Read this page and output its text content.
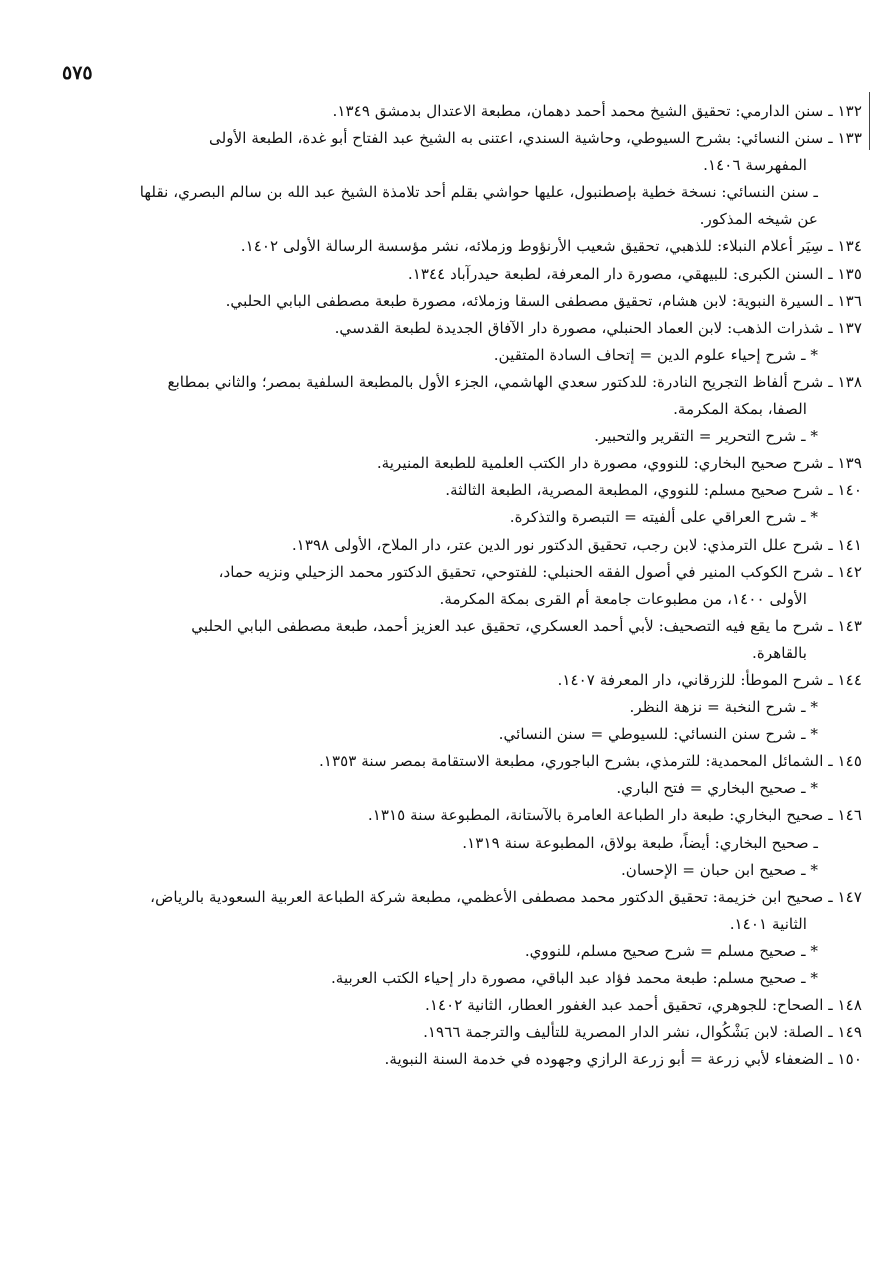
٥٧٥
١٣٢ ـ سنن الدارمي: تحقيق الشيخ محمد أحمد دهمان، مطبعة الاعتدال بدمشق ١٣٤٩.
١٣٣ ـ سنن النسائي: بشرح السيوطي، وحاشية السندي، اعتنى به الشيخ عبد الفتاح أبو غدة، الطبعة الأولى
المفهرسة ١٤٠٦.
ـ سنن النسائي: نسخة خطية بإصطنبول، عليها حواشي بقلم أحد تلامذة الشيخ عبد الله بن سالم البصري، نقلها
عن شيخه المذكور.
١٣٤ ـ سِيَر أعلام النبلاء: للذهبي، تحقيق شعيب الأرنؤوط وزملائه، نشر مؤسسة الرسالة الأولى ١٤٠٢.
١٣٥ ـ السنن الكبرى: للبيهقي، مصورة دار المعرفة، لطبعة حيدرآباد ١٣٤٤.
١٣٦ ـ السيرة النبوية: لابن هشام، تحقيق مصطفى السقا وزملائه، مصورة طبعة مصطفى البابي الحلبي.
١٣٧ ـ شذرات الذهب: لابن العماد الحنبلي، مصورة دار الآفاق الجديدة لطبعة القدسي.
* ـ شرح إحياء علوم الدين = إتحاف السادة المتقين.
١٣٨ ـ شرح ألفاظ التجريح النادرة: للدكتور سعدي الهاشمي، الجزء الأول بالمطبعة السلفية بمصر؛ والثاني بمطابع
الصفا، بمكة المكرمة.
* ـ شرح التحرير = التقرير والتحبير.
١٣٩ ـ شرح صحيح البخاري: للنووي، مصورة دار الكتب العلمية للطبعة المنيرية.
١٤٠ ـ شرح صحيح مسلم: للنووي، المطبعة المصرية، الطبعة الثالثة.
* ـ شرح العراقي على ألفيته = التبصرة والتذكرة.
١٤١ ـ شرح علل الترمذي: لابن رجب، تحقيق الدكتور نور الدين عتر، دار الملاح، الأولى ١٣٩٨.
١٤٢ ـ شرح الكوكب المنير في أصول الفقه الحنبلي: للفتوحي، تحقيق الدكتور محمد الزحيلي ونزيه حماد،
الأولى ١٤٠٠، من مطبوعات جامعة أم القرى بمكة المكرمة.
١٤٣ ـ شرح ما يقع فيه التصحيف: لأبي أحمد العسكري، تحقيق عبد العزيز أحمد، طبعة مصطفى البابي الحلبي
بالقاهرة.
١٤٤ ـ شرح الموطأ: للزرقاني، دار المعرفة ١٤٠٧.
* ـ شرح النخبة = نزهة النظر.
* ـ شرح سنن النسائي: للسيوطي = سنن النسائي.
١٤٥ ـ الشمائل المحمدية: للترمذي، بشرح الباجوري، مطبعة الاستقامة بمصر سنة ١٣٥٣.
* ـ صحيح البخاري = فتح الباري.
١٤٦ ـ صحيح البخاري: طبعة دار الطباعة العامرة بالآستانة، المطبوعة سنة ١٣١٥.
ـ صحيح البخاري: أيضاً، طبعة بولاق، المطبوعة سنة ١٣١٩.
* ـ صحيح ابن حبان = الإحسان.
١٤٧ ـ صحيح ابن خزيمة: تحقيق الدكتور محمد مصطفى الأعظمي، مطبعة شركة الطباعة العربية السعودية بالرياض،
الثانية ١٤٠١.
* ـ صحيح مسلم = شرح صحيح مسلم، للنووي.
* ـ صحيح مسلم: طبعة محمد فؤاد عبد الباقي، مصورة دار إحياء الكتب العربية.
١٤٨ ـ الصحاح: للجوهري، تحقيق أحمد عبد الغفور العطار، الثانية ١٤٠٢.
١٤٩ ـ الصلة: لابن بَشْكُوال، نشر الدار المصرية للتأليف والترجمة ١٩٦٦.
١٥٠ ـ الضعفاء لأبي زرعة = أبو زرعة الرازي وجهوده في خدمة السنة النبوية.
